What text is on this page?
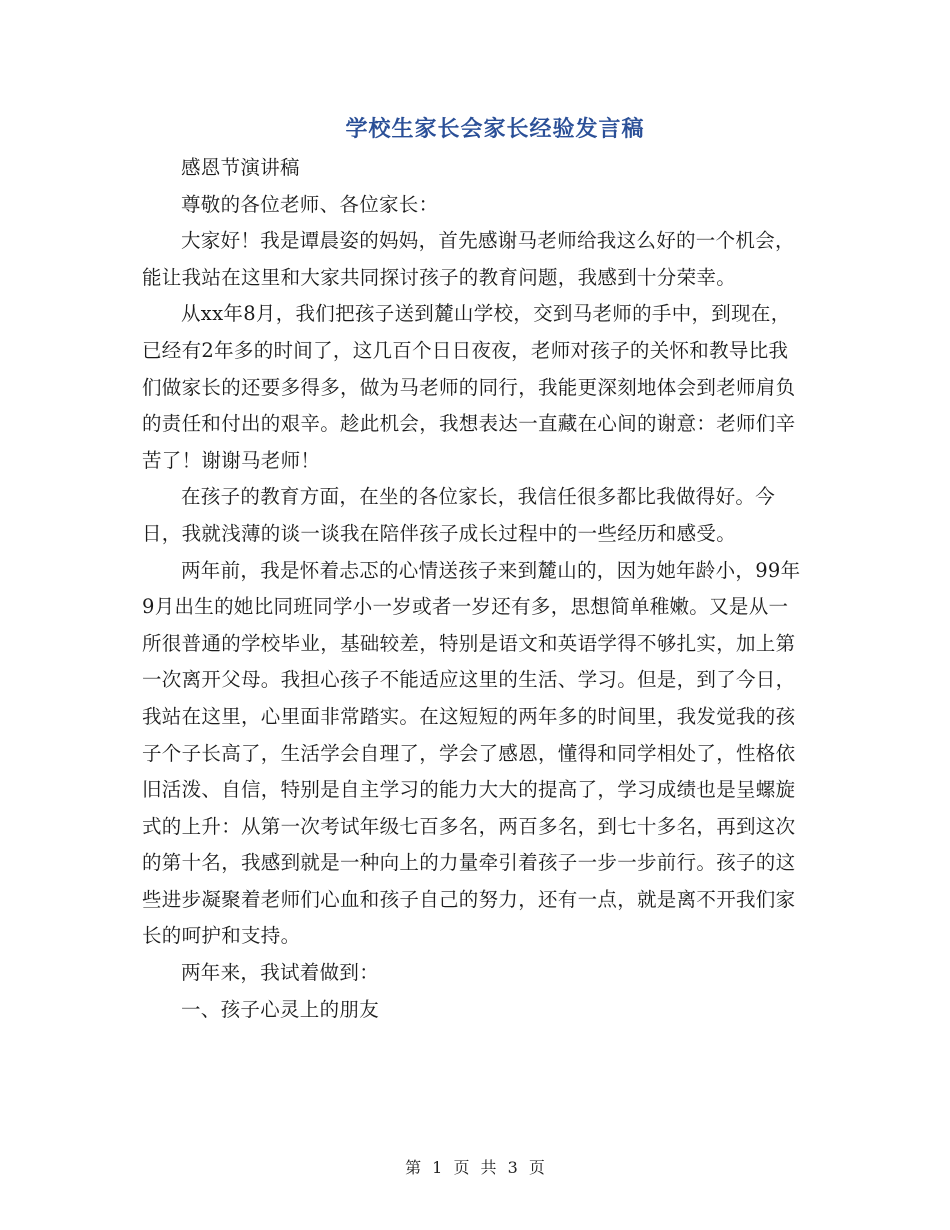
学校生家长会家长经验发言稿

感恩节演讲稿

尊敬的各位老师、各位家长：

大家好！我是谭晨姿的妈妈，首先感谢马老师给我这么好的一个机会，能让我站在这里和大家共同探讨孩子的教育问题，我感到十分荣幸。

从xx年8月，我们把孩子送到麓山学校，交到马老师的手中，到现在，已经有2年多的时间了，这几百个日日夜夜，老师对孩子的关怀和教导比我们做家长的还要多得多，做为马老师的同行，我能更深刻地体会到老师肩负的责任和付出的艰辛。趁此机会，我想表达一直藏在心间的谢意：老师们辛苦了！谢谢马老师！

在孩子的教育方面，在坐的各位家长，我信任很多都比我做得好。今日，我就浅薄的谈一谈我在陪伴孩子成长过程中的一些经历和感受。

两年前，我是怀着忐忑的心情送孩子来到麓山的，因为她年龄小，99年9月出生的她比同班同学小一岁或者一岁还有多，思想简单稚嫩。又是从一所很普通的学校毕业，基础较差，特别是语文和英语学得不够扎实，加上第一次离开父母。我担心孩子不能适应这里的生活、学习。但是，到了今日，我站在这里，心里面非常踏实。在这短短的两年多的时间里，我发觉我的孩子个子长高了，生活学会自理了，学会了感恩，懂得和同学相处了，性格依旧活泼、自信，特别是自主学习的能力大大的提高了，学习成绩也是呈螺旋式的上升：从第一次考试年级七百多名，两百多名，到七十多名，再到这次的第十名，我感到就是一种向上的力量牵引着孩子一步一步前行。孩子的这些进步凝聚着老师们心血和孩子自己的努力，还有一点，就是离不开我们家长的呵护和支持。

两年来，我试着做到：

一、孩子心灵上的朋友

第 1 页 共 3 页
